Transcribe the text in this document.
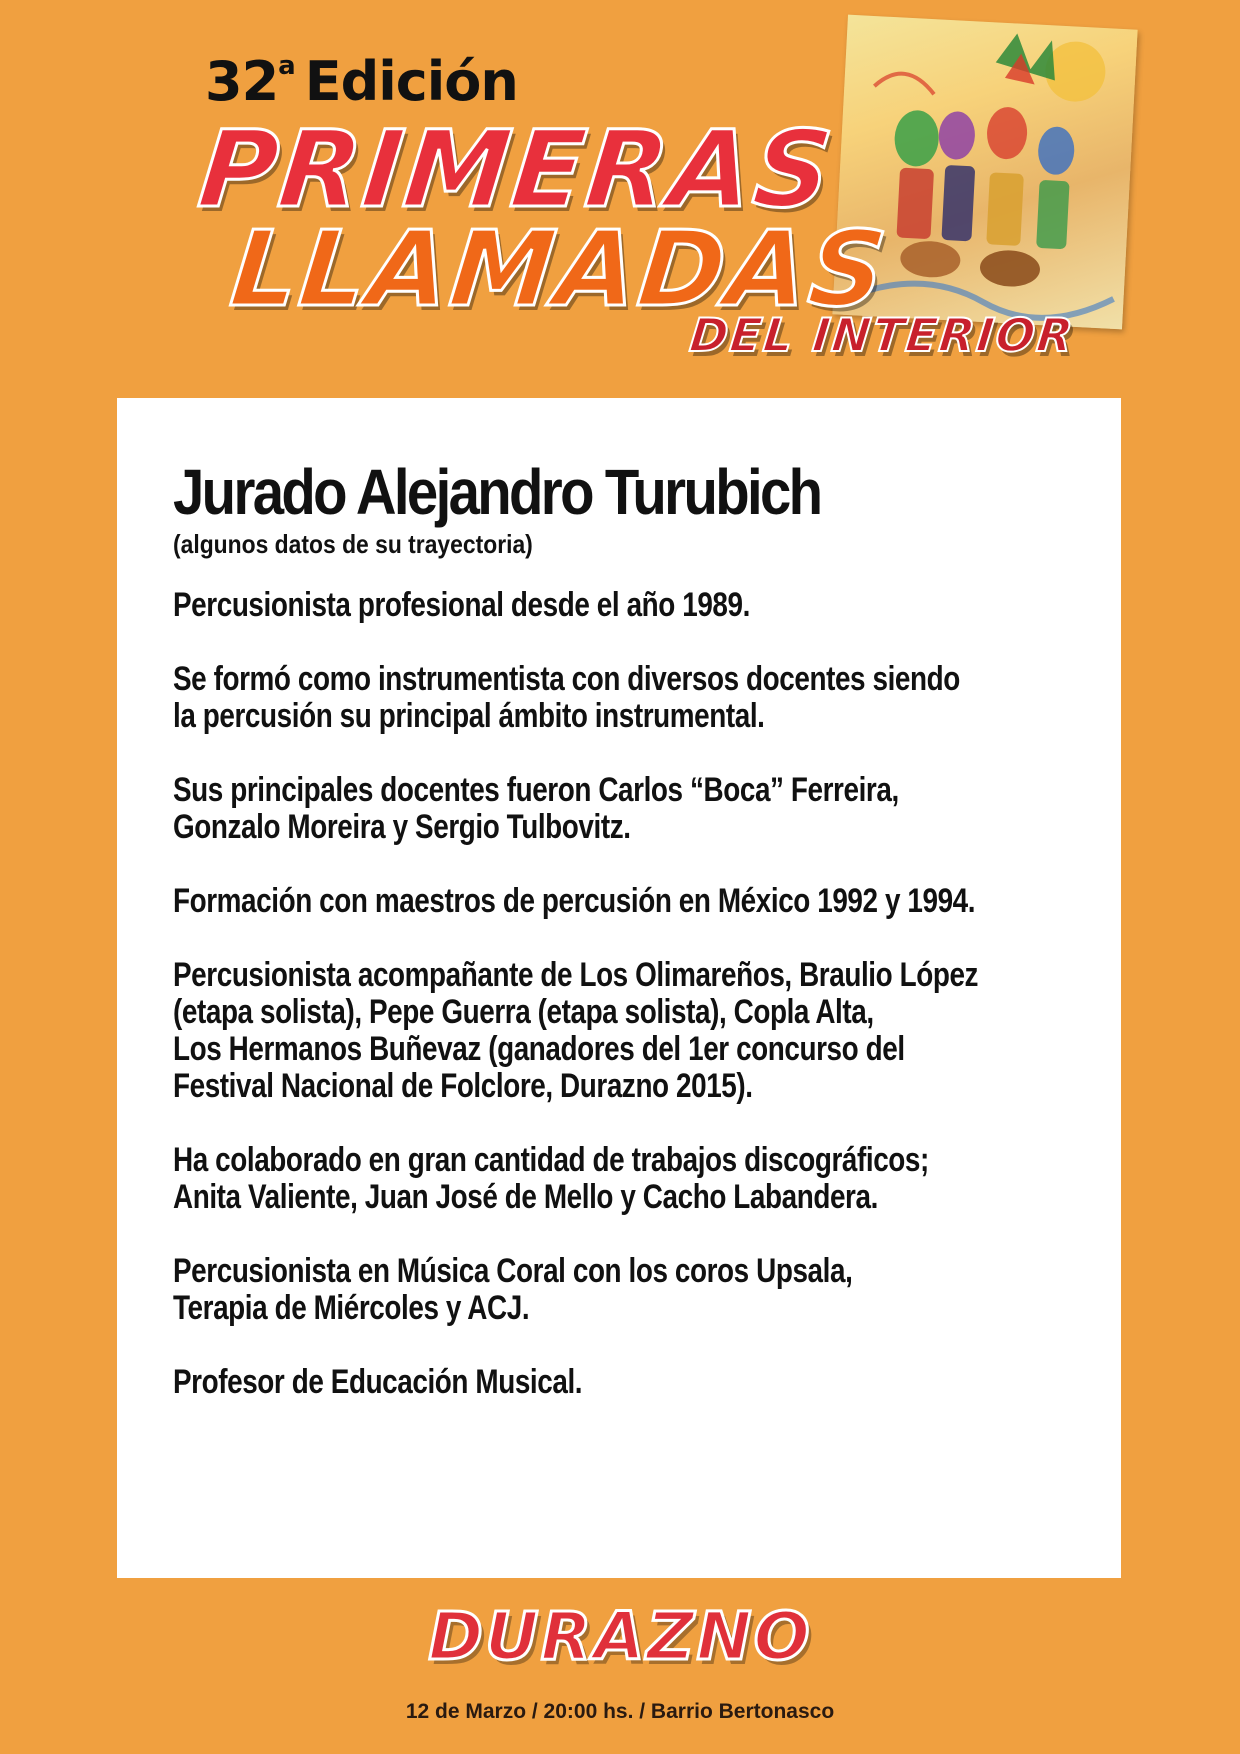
32$^a$ Edición
PRIMERAS
LLAMADAS
DEL INTERIOR
Jurado Alejandro Turubich
(algunos datos de su trayectoria)

Percusionista profesional desde el año 1989.

Se formó como instrumentista con diversos docentes siendo
la percusión su principal ámbito instrumental.

Sus principales docentes fueron Carlos “Boca” Ferreira,
Gonzalo Moreira y Sergio Tulbovitz.

Formación con maestros de percusión en México 1992 y 1994.

Percusionista acompañante de Los Olimareños, Braulio López
(etapa solista), Pepe Guerra (etapa solista), Copla Alta,
Los Hermanos Buñevaz (ganadores del 1er concurso del
Festival Nacional de Folclore, Durazno 2015).

Ha colaborado en gran cantidad de trabajos discográficos;
Anita Valiente, Juan José de Mello y Cacho Labandera.

Percusionista en Música Coral con los coros Upsala,
Terapia de Miércoles y ACJ.

Profesor de Educación Musical.

DURAZNO
12 de Marzo / 20:00 hs. / Barrio Bertonasco
